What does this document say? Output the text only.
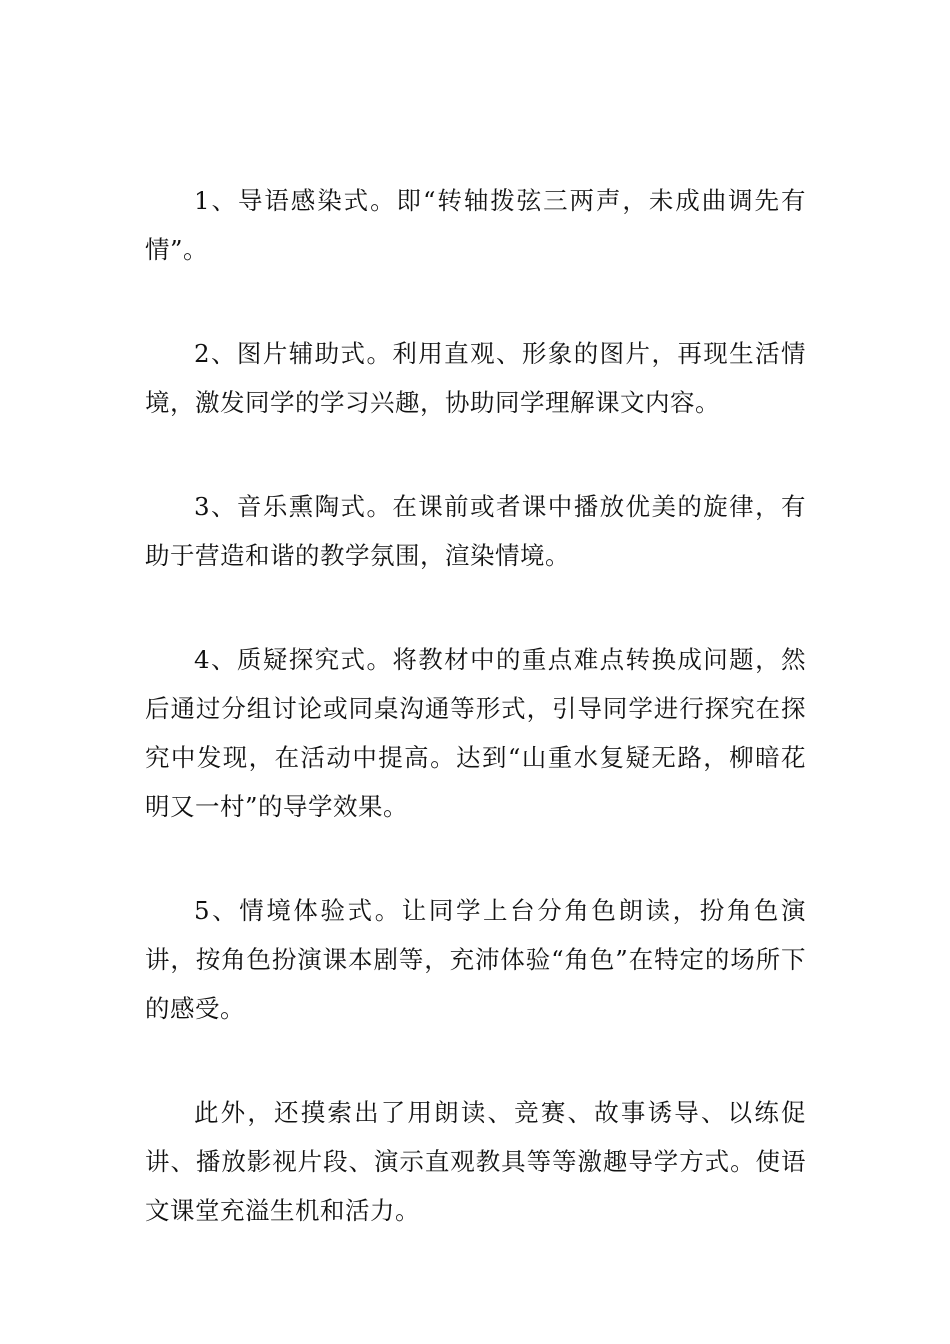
1、导语感染式。即“转轴拨弦三两声，未成曲调先有情”。

2、图片辅助式。利用直观、形象的图片，再现生活情境，激发同学的学习兴趣，协助同学理解课文内容。

3、音乐熏陶式。在课前或者课中播放优美的旋律，有助于营造和谐的教学氛围，渲染情境。

4、质疑探究式。将教材中的重点难点转换成问题，然后通过分组讨论或同桌沟通等形式，引导同学进行探究在探究中发现，在活动中提高。达到“山重水复疑无路，柳暗花明又一村”的导学效果。

5、情境体验式。让同学上台分角色朗读，扮角色演讲，按角色扮演课本剧等，充沛体验“角色”在特定的场所下的感受。

此外，还摸索出了用朗读、竞赛、故事诱导、以练促讲、播放影视片段、演示直观教具等等激趣导学方式。使语文课堂充溢生机和活力。
